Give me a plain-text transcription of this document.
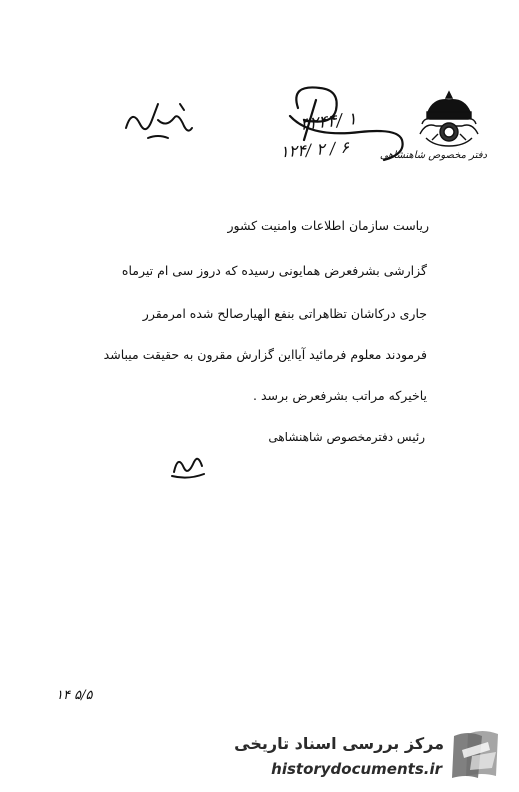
دفتر مخصوص شاهنشاهی
۳۲۴۴/ ۱
۱۲۴/ ۲ / ۶
ریاست سازمان اطلاعات وامنیت کشور
گزارشی بشرفعرض همایونی رسیده که دروز سی ام تیرماه
جاری درکاشان تظاهراتی بنفع الهیارصالح شده امرمقرر
فرمودند معلوم فرمائید آیااین گزارش مقرون به حقیقت میباشد
یاخیرکه مراتب بشرفعرض برسد .
رئیس دفترمخصوص شاهنشاهی
۵/۵ ۱۴
مرکز بررسی اسناد تاریخی
historydocuments.ir
